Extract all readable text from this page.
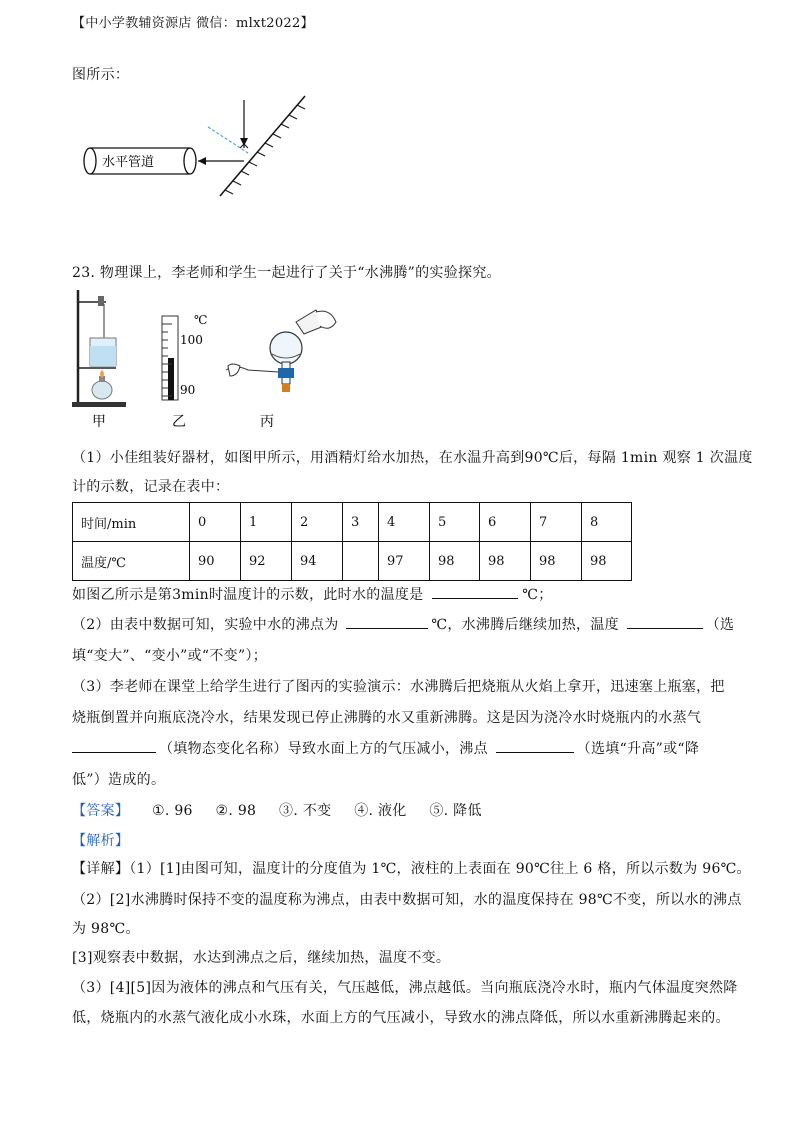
【中小学教辅资源店 微信：mlxt2022】
图所示：
水平管道
23. 物理课上，李老师和学生一起进行了关于“水沸腾”的实验探究。
甲
℃
100
90
乙	丙
（1）小佳组装好器材，如图甲所示，用酒精灯给水加热，在水温升高到90℃后，每隔 1min 观察 1 次温度
计的示数，记录在表中：
时间/min	0	1	2	3	4	5	6	7	8
温度/℃	90	92	94		97	98	98	98	98
如图乙所示是第3min时温度计的示数，此时水的温度是	℃；
（2）由表中数据可知，实验中水的沸点为	℃，水沸腾后继续加热，温度	（选
填“变大”、“变小”或“不变”）；
（3）李老师在课堂上给学生进行了图丙的实验演示：水沸腾后把烧瓶从火焰上拿开，迅速塞上瓶塞，把
烧瓶倒置并向瓶底浇冷水，结果发现已停止沸腾的水又重新沸腾。这是因为浇冷水时烧瓶内的水蒸气
（填物态变化名称）导致水面上方的气压减小，沸点	（选填“升高”或“降
低”）造成的。
【答案】 ①. 96 ②. 98 ③. 不变 ④. 液化 ⑤. 降低
【解析】
【详解】（1）[1]由图可知，温度计的分度值为 1℃，液柱的上表面在 90℃往上 6 格，所以示数为 96℃。
（2）[2]水沸腾时保持不变的温度称为沸点，由表中数据可知，水的温度保持在 98℃不变，所以水的沸点
为 98℃。
[3]观察表中数据，水达到沸点之后，继续加热，温度不变。
（3）[4][5]因为液体的沸点和气压有关，气压越低，沸点越低。当向瓶底浇冷水时，瓶内气体温度突然降
低，烧瓶内的水蒸气液化成小水珠，水面上方的气压减小，导致水的沸点降低，所以水重新沸腾起来的。
